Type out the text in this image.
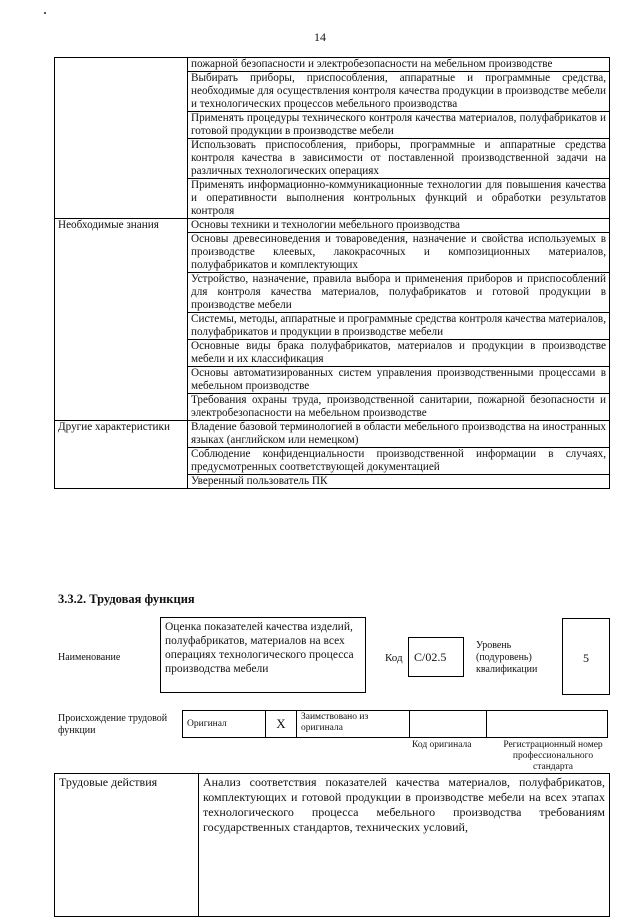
14
	пожарной безопасности и электробезопасности на мебельном производстве
	Выбирать приборы, приспособления, аппаратные и программные средства, необходимые для осуществления контроля качества продукции в производстве мебели и технологических процессов мебельного производства
	Применять процедуры технического контроля качества материалов, полуфабрикатов и готовой продукции в производстве мебели
	Использовать приспособления, приборы, программные и аппаратные средства контроля качества в зависимости от поставленной производственной задачи на различных технологических операциях
	Применять информационно-коммуникационные технологии для повышения качества и оперативности выполнения контрольных функций и обработки результатов контроля
Необходимые знания	Основы техники и технологии мебельного производства
	Основы древесиноведения и товароведения, назначение и свойства используемых в производстве клеевых, лакокрасочных и композиционных материалов, полуфабрикатов и комплектующих
	Устройство, назначение, правила выбора и применения приборов и приспособлений для контроля качества материалов, полуфабрикатов и готовой продукции в производстве мебели
	Системы, методы, аппаратные и программные средства контроля качества материалов, полуфабрикатов и продукции в производстве мебели
	Основные виды брака полуфабрикатов, материалов и продукции в производстве мебели и их классификация
	Основы автоматизированных систем управления производственными процессами в мебельном производстве
	Требования охраны труда, производственной санитарии, пожарной безопасности и электробезопасности на мебельном производстве
Другие характеристики	Владение базовой терминологией в области мебельного производства на иностранных языках (английском или немецком)
	Соблюдение конфиденциальности производственной информации в случаях, предусмотренных соответствующей документацией
	Уверенный пользователь ПК
3.3.2. Трудовая функция
Наименование
Оценка показателей качества изделий, полуфабрикатов, материалов на всех операциях технологического процесса производства мебели
Код C/02.5
Уровень (подуровень) квалификации
5
Происхождение трудовой функции
Оригинал	X	Заимствовано из оригинала		
Код оригинала	Регистрационный номер профессионального стандарта
Трудовые действия	Анализ соответствия показателей качества материалов, полуфабрикатов, комплектующих и готовой продукции в производстве мебели на всех этапах технологического процесса мебельного производства требованиям государственных стандартов, технических условий,
